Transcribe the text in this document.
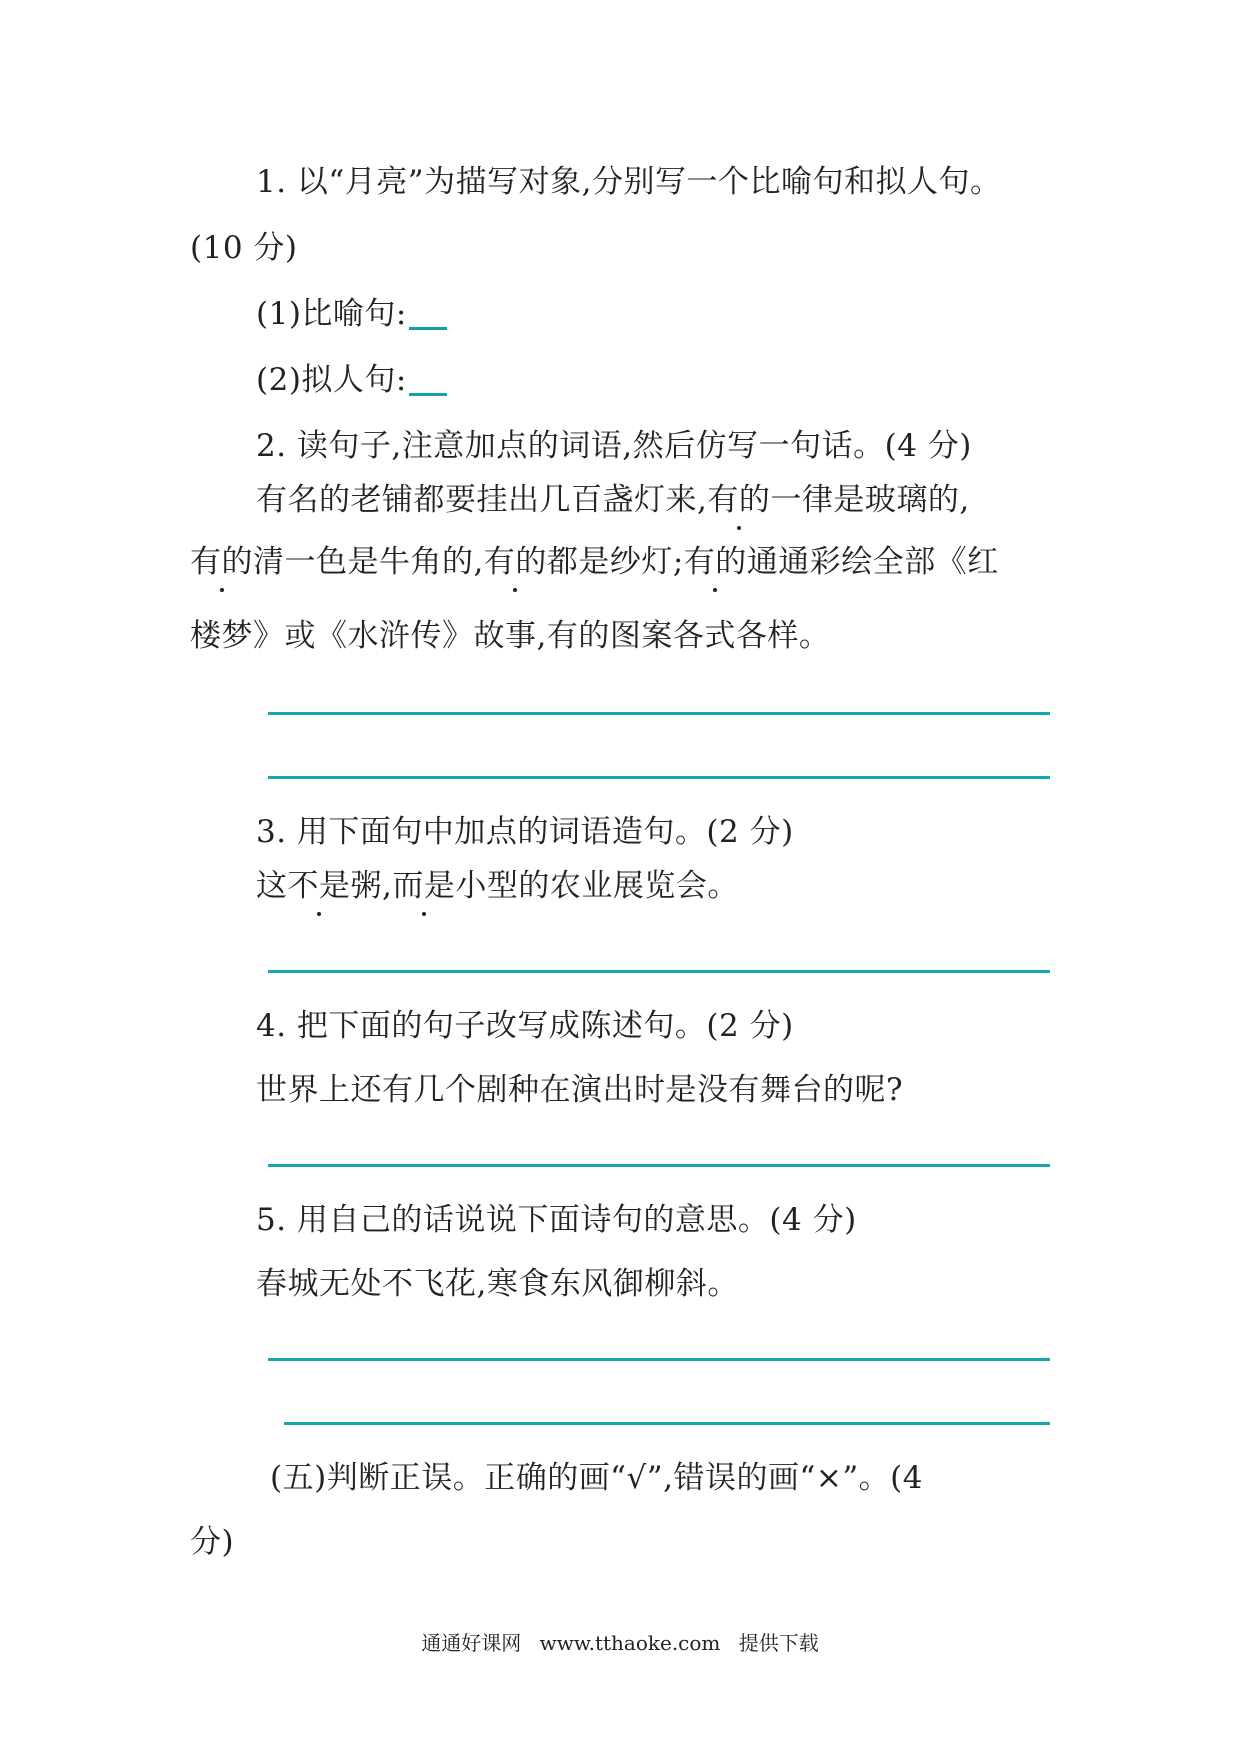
1. 以“月亮”为描写对象,分别写一个比喻句和拟人句。
(10 分)
(1)比喻句:
(2)拟人句:
2. 读句子,注意加点的词语,然后仿写一句话。(4 分)
有名的老铺都要挂出几百盏灯来,有的一律是玻璃的,
有的清一色是牛角的,有的都是纱灯;有的通通彩绘全部《红
楼梦》或《水浒传》故事,有的图案各式各样。
3. 用下面句中加点的词语造句。(2 分)
这不是粥,而是小型的农业展览会。
4. 把下面的句子改写成陈述句。(2 分)
世界上还有几个剧种在演出时是没有舞台的呢?
5. 用自己的话说说下面诗句的意思。(4 分)
春城无处不飞花,寒食东风御柳斜。
(五)判断正误。正确的画“√”,错误的画“×”。(4
分)
通通好课网 www.tthaoke.com 提供下载
